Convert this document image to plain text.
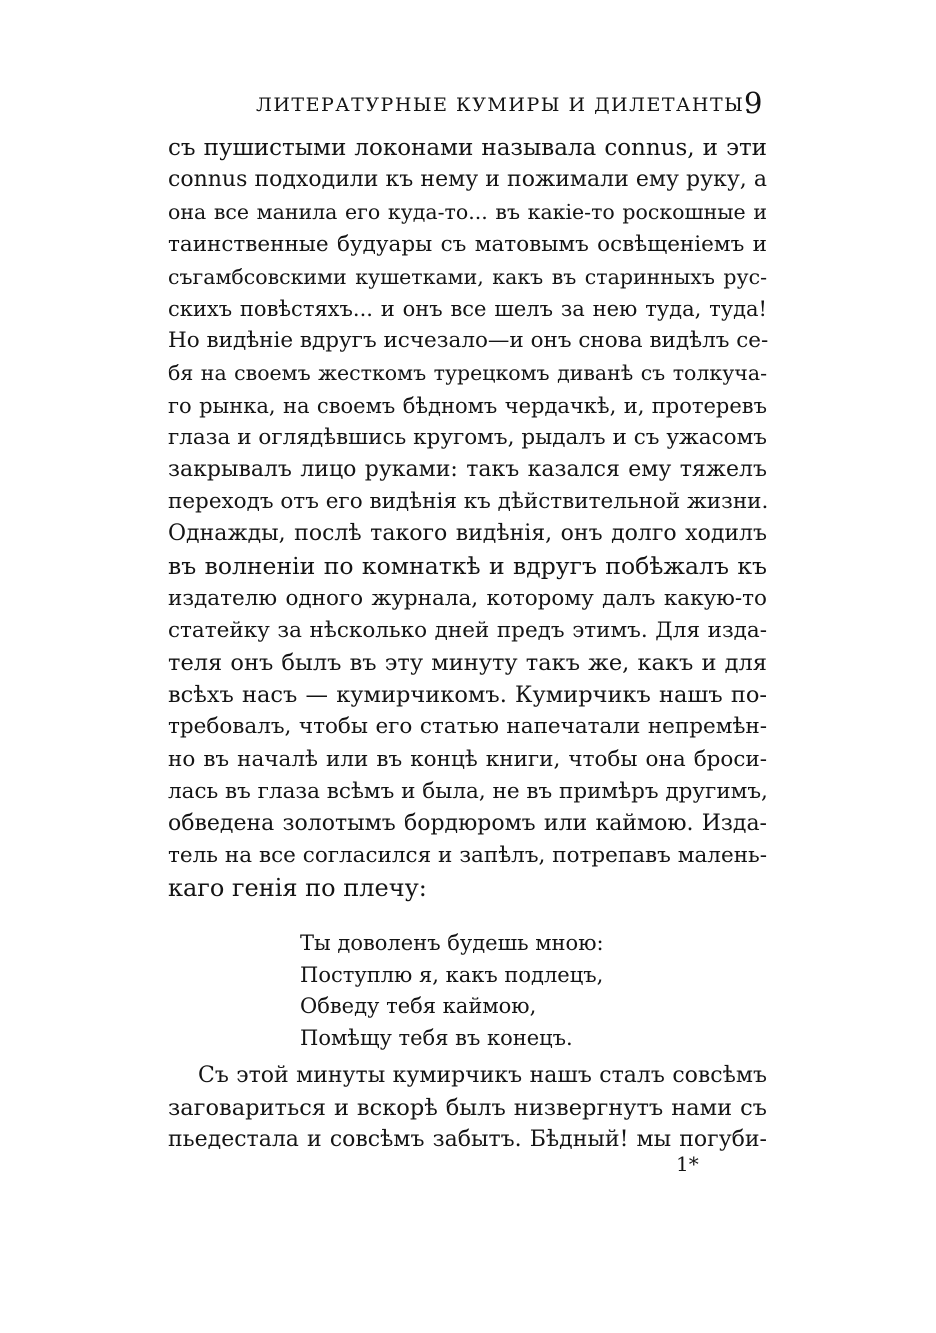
ЛИТЕРАТУРНЫЕ КУМИРЫ И ДИЛЕТАНТЫ.
9
съ пушистыми локонами называла connus, и эти
connus подходили къ нему и пожимали ему руку, а
она все манила его куда-то... въ какіе-то роскошные и
таинственные будуары съ матовымъ освѣщеніемъ и
съгамбсовскими кушетками, какъ въ старинныхъ рус-
скихъ повѣстяхъ... и онъ все шелъ за нею туда, туда!
Но видѣніе вдругъ исчезало—и онъ снова видѣлъ се-
бя на своемъ жесткомъ турецкомъ диванѣ съ толкуча-
го рынка, на своемъ бѣдномъ чердачкѣ, и, протеревъ
глаза и оглядѣвшись кругомъ, рыдалъ и съ ужасомъ
закрывалъ лицо руками: такъ казался ему тяжелъ
переходъ отъ его видѣнія къ дѣйствительной жизни.
Однажды, послѣ такого видѣнія, онъ долго ходилъ
въ волненіи по комнаткѣ и вдругъ побѣжалъ къ
издателю одного журнала, которому далъ какую-то
статейку за нѣсколько дней предъ этимъ. Для изда-
теля онъ былъ въ эту минуту такъ же, какъ и для
всѣхъ насъ — кумирчикомъ. Кумирчикъ нашъ по-
требовалъ, чтобы его статью напечатали непремѣн-
но въ началѣ или въ концѣ книги, чтобы она броси-
лась въ глаза всѣмъ и была, не въ примѣръ другимъ,
обведена золотымъ бордюромъ или каймою. Изда-
тель на все согласился и запѣлъ, потрепавъ малень-
каго генія по плечу:
Ты доволенъ будешь мною:
Поступлю я, какъ подлецъ,
Обведу тебя каймою,
Помѣщу тебя въ конецъ.
Съ этой минуты кумирчикъ нашъ сталъ совсѣмъ
заговариться и вскорѣ былъ низвергнутъ нами съ
пьедестала и совсѣмъ забытъ. Бѣдный! мы погуби-
1*
